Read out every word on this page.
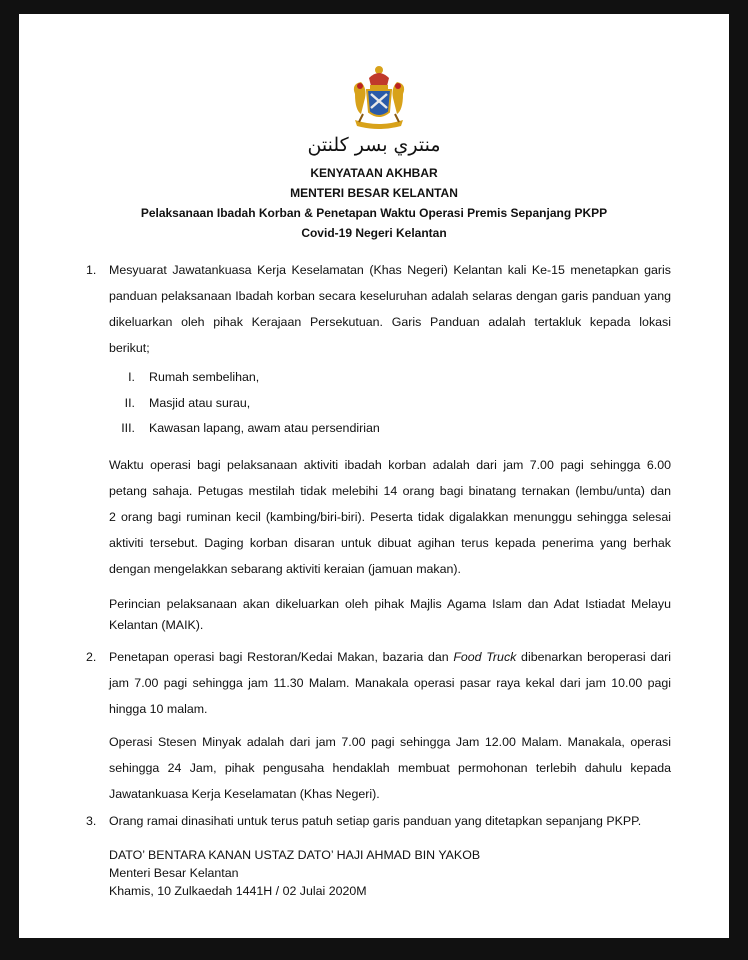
منتري بسر كلنتن
KENYATAAN AKHBAR
MENTERI BESAR KELANTAN
Pelaksanaan Ibadah Korban & Penetapan Waktu Operasi Premis Sepanjang PKPP
Covid-19 Negeri Kelantan
1. Mesyuarat Jawatankuasa Kerja Keselamatan (Khas Negeri) Kelantan kali Ke-15 menetapkan garis

panduan pelaksanaan Ibadah korban secara keseluruhan adalah selaras dengan garis panduan yang

dikeluarkan oleh pihak Kerajaan Persekutuan. Garis Panduan adalah tertakluk kepada lokasi

berikut;

I. Rumah sembelihan,
II. Masjid atau surau,
III. Kawasan lapang, awam atau persendirian

Waktu operasi bagi pelaksanaan aktiviti ibadah korban adalah dari jam 7.00 pagi sehingga 6.00

petang sahaja. Petugas mestilah tidak melebihi 14 orang bagi binatang ternakan (lembu/unta) dan

2 orang bagi ruminan kecil (kambing/biri-biri). Peserta tidak digalakkan menunggu sehingga selesai

aktiviti tersebut. Daging korban disaran untuk dibuat agihan terus kepada penerima yang berhak

dengan mengelakkan sebarang aktiviti keraian (jamuan makan).

Perincian pelaksanaan akan dikeluarkan oleh pihak Majlis Agama Islam dan Adat Istiadat Melayu

Kelantan (MAIK).

2. Penetapan operasi bagi Restoran/Kedai Makan, bazaria dan Food Truck dibenarkan beroperasi dari

jam 7.00 pagi sehingga jam 11.30 Malam. Manakala operasi pasar raya kekal dari jam 10.00 pagi

hingga 10 malam.

Operasi Stesen Minyak adalah dari jam 7.00 pagi sehingga Jam 12.00 Malam. Manakala, operasi

sehingga 24 Jam, pihak pengusaha hendaklah membuat permohonan terlebih dahulu kepada

Jawatankuasa Kerja Keselamatan (Khas Negeri).

3. Orang ramai dinasihati untuk terus patuh setiap garis panduan yang ditetapkan sepanjang PKPP.
DATO’ BENTARA KANAN USTAZ DATO’ HAJI AHMAD BIN YAKOB
Menteri Besar Kelantan
Khamis, 10 Zulkaedah 1441H / 02 Julai 2020M
